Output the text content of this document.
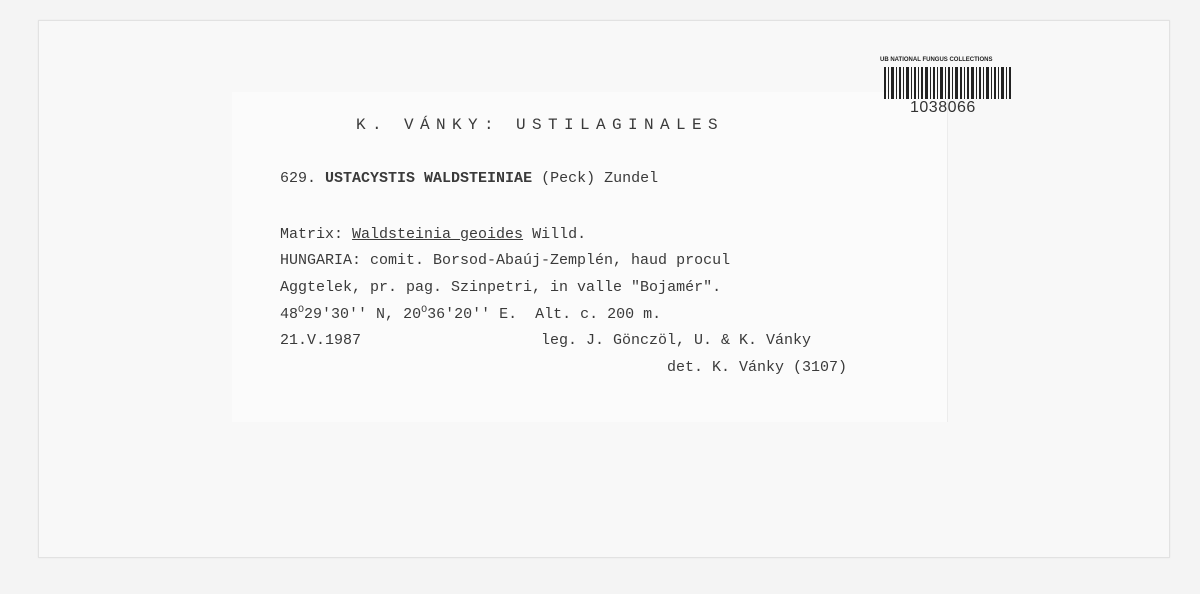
UB NATIONAL FUNGUS COLLECTIONS
1038066
K. VÁNKY: USTILAGINALES
629. USTACYSTIS WALDSTEINIAE (Peck) Zundel
Matrix: Waldsteinia geoides Willd.
HUNGARIA: comit. Borsod-Abaúj-Zemplén, haud procul
Aggtelek, pr. pag. Szinpetri, in valle "Bojamér".
$48^O29'30''$ N, $20^O36'20''$ E.  Alt. c. 200 m.
21.V.1987	leg. J. Gönczöl, U. & K. Vánky
det. K. Vánky (3107)
